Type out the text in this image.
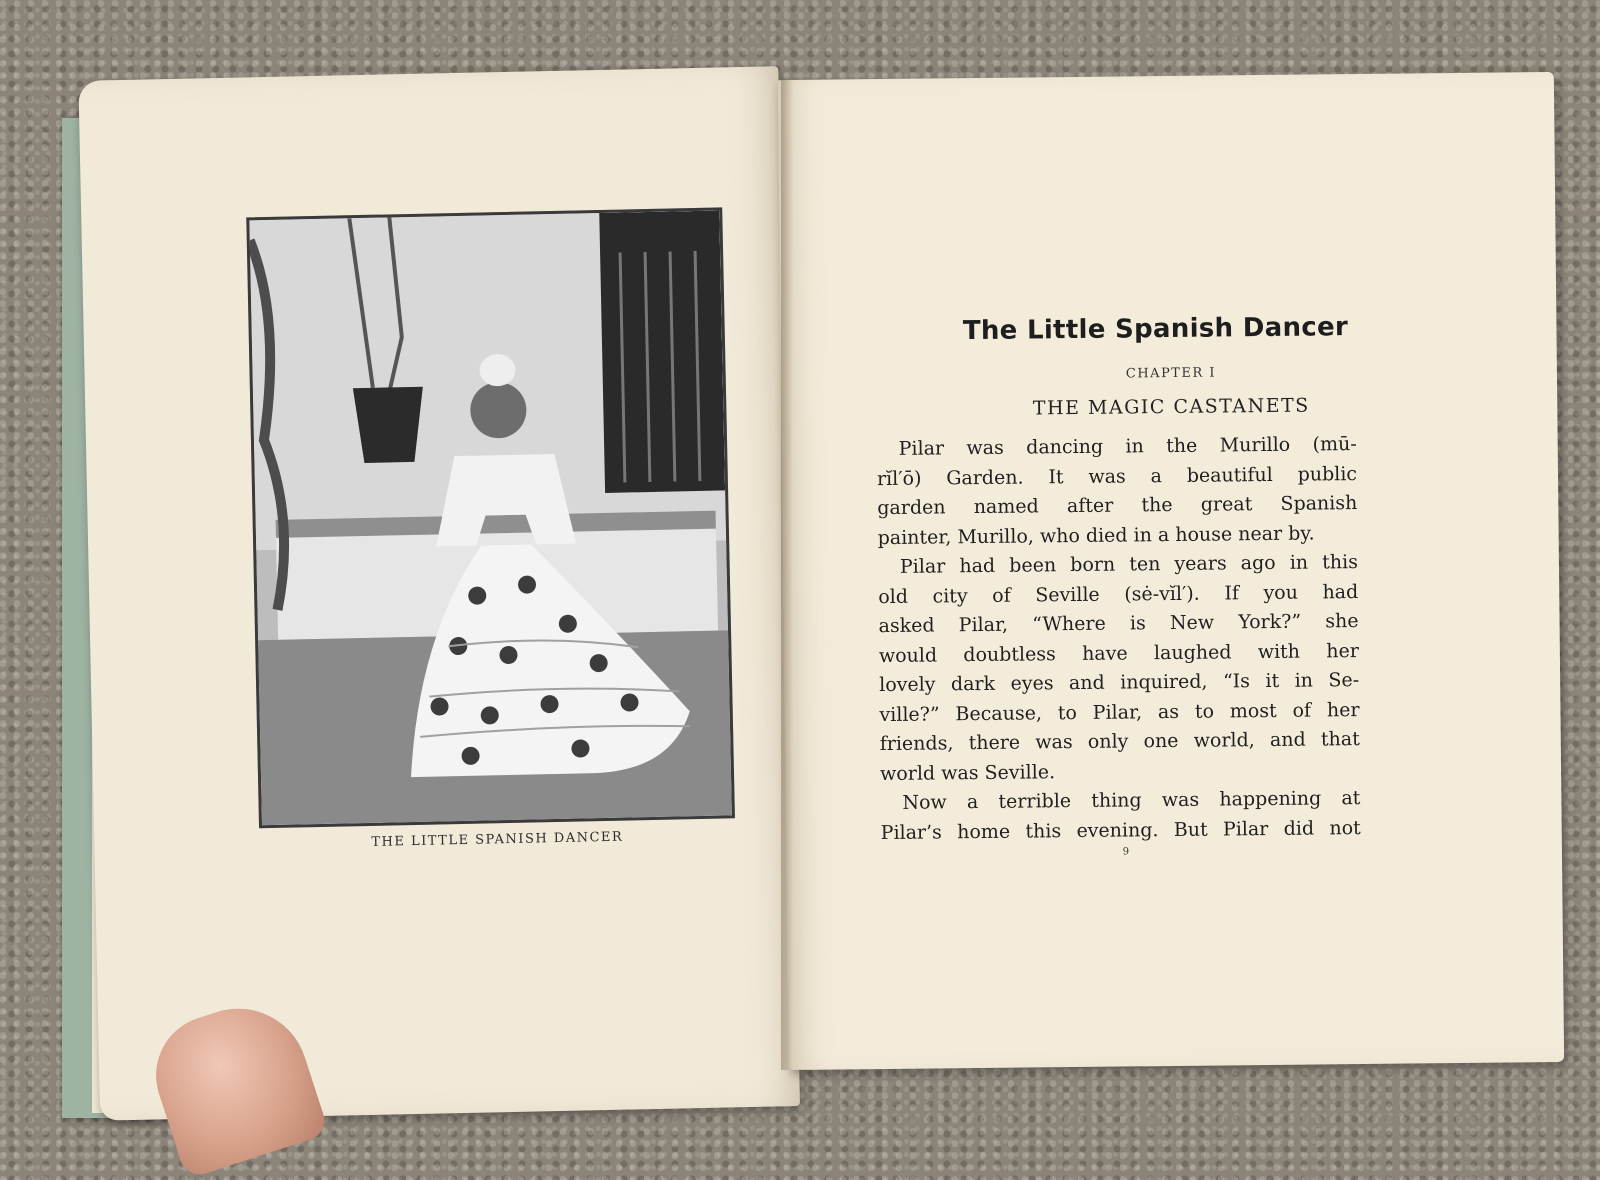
THE LITTLE SPANISH DANCER
The Little Spanish Dancer
CHAPTER I
THE MAGIC CASTANETS
Pilar was dancing in the Murillo (mū-
rĭl′ō) Garden. It was a beautiful public
garden named after the great Spanish
painter, Murillo, who died in a house near by.
Pilar had been born ten years ago in this
old city of Seville (sė-vĭl′). If you had
asked Pilar, “Where is New York?” she
would doubtless have laughed with her
lovely dark eyes and inquired, “Is it in Se-
ville?” Because, to Pilar, as to most of her
friends, there was only one world, and that
world was Seville.
Now a terrible thing was happening at
Pilar’s home this evening. But Pilar did not
9
